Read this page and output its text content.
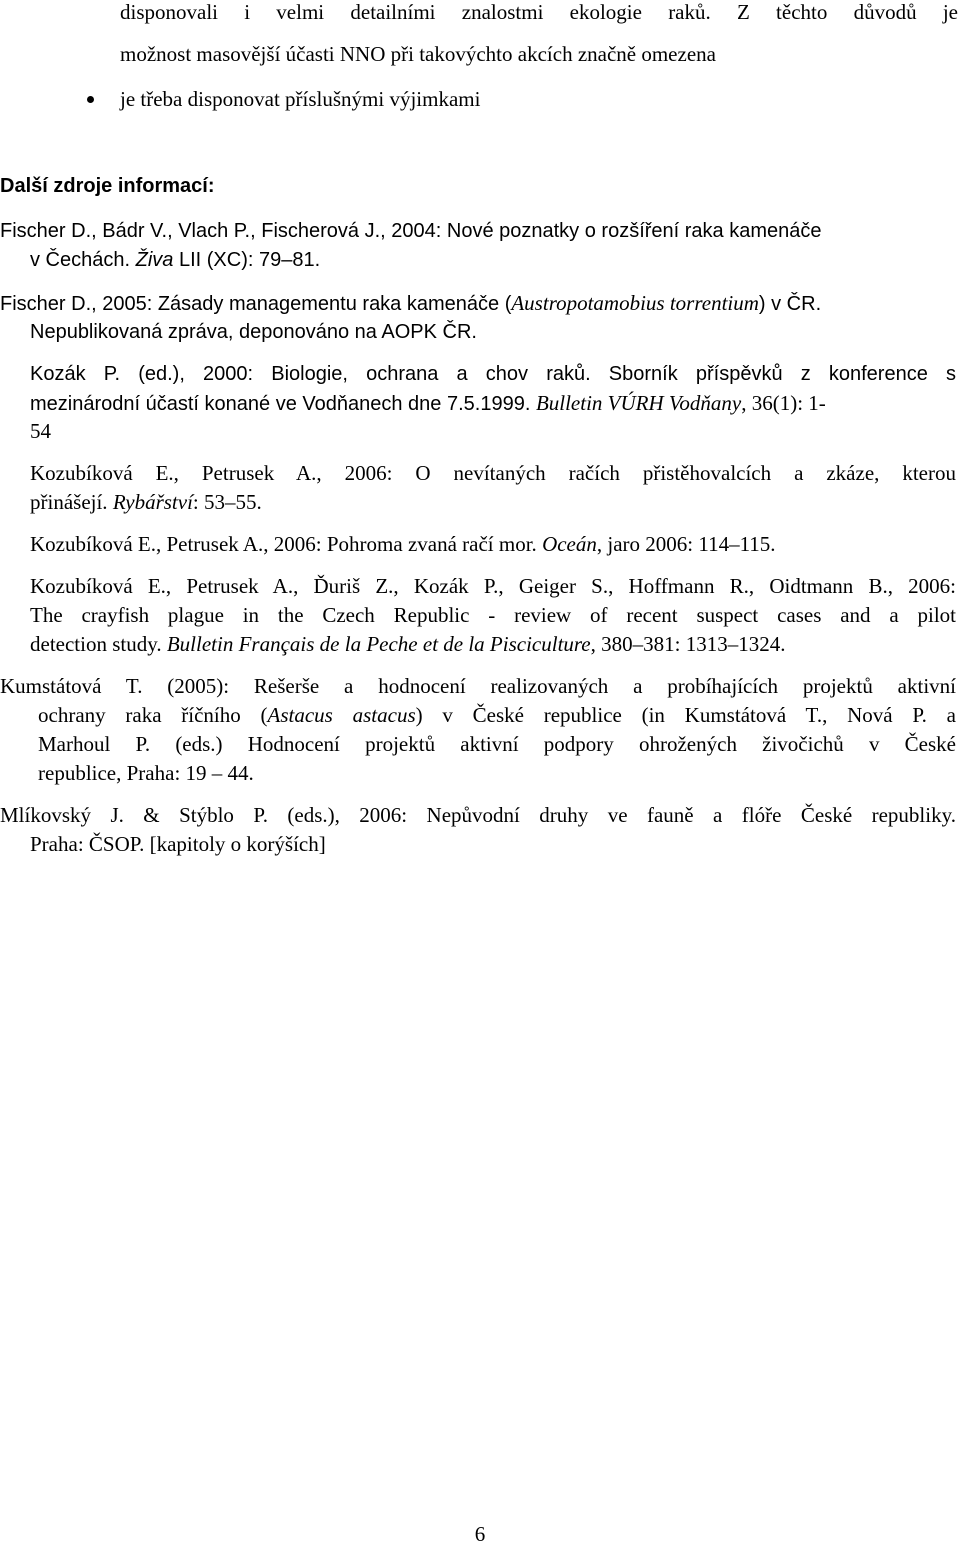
disponovali i velmi detailními znalostmi ekologie raků. Z těchto důvodů je
možnost masovější účasti NNO při takovýchto akcích značně omezena
je třeba disponovat příslušnými výjimkami
Další zdroje informací:
Fischer D., Bádr V., Vlach P., Fischerová J., 2004: Nové poznatky o rozšíření raka kamenáče
v Čechách. Živa LII (XC): 79–81.
Fischer D., 2005: Zásady managementu raka kamenáče (Austropotamobius torrentium) v ČR.
Nepublikovaná zpráva, deponováno na AOPK ČR.
Kozák P. (ed.), 2000: Biologie, ochrana a chov raků. Sborník příspěvků z konference s
mezinárodní účastí konané ve Vodňanech dne 7.5.1999. Bulletin VÚRH Vodňany, 36(1): 1-
54
Kozubíková E., Petrusek A., 2006: O nevítaných račích přistěhovalcích a zkáze, kterou
přinášejí. Rybářství: 53–55.
Kozubíková E., Petrusek A., 2006: Pohroma zvaná račí mor. Oceán, jaro 2006: 114–115.
Kozubíková E., Petrusek A., Ďuriš Z., Kozák P., Geiger S., Hoffmann R., Oidtmann B., 2006:
The crayfish plague in the Czech Republic - review of recent suspect cases and a pilot
detection study. Bulletin Français de la Peche et de la Pisciculture, 380–381: 1313–1324.
Kumstátová T. (2005): Rešerše a hodnocení realizovaných a probíhajících projektů aktivní
ochrany raka říčního (Astacus astacus) v České republice (in Kumstátová T., Nová P. a
Marhoul P. (eds.) Hodnocení projektů aktivní podpory ohrožených živočichů v České
republice, Praha: 19 – 44.
Mlíkovský J. & Stýblo P. (eds.), 2006: Nepůvodní druhy ve fauně a flóře České republiky.
Praha: ČSOP. [kapitoly o korýších]
6
